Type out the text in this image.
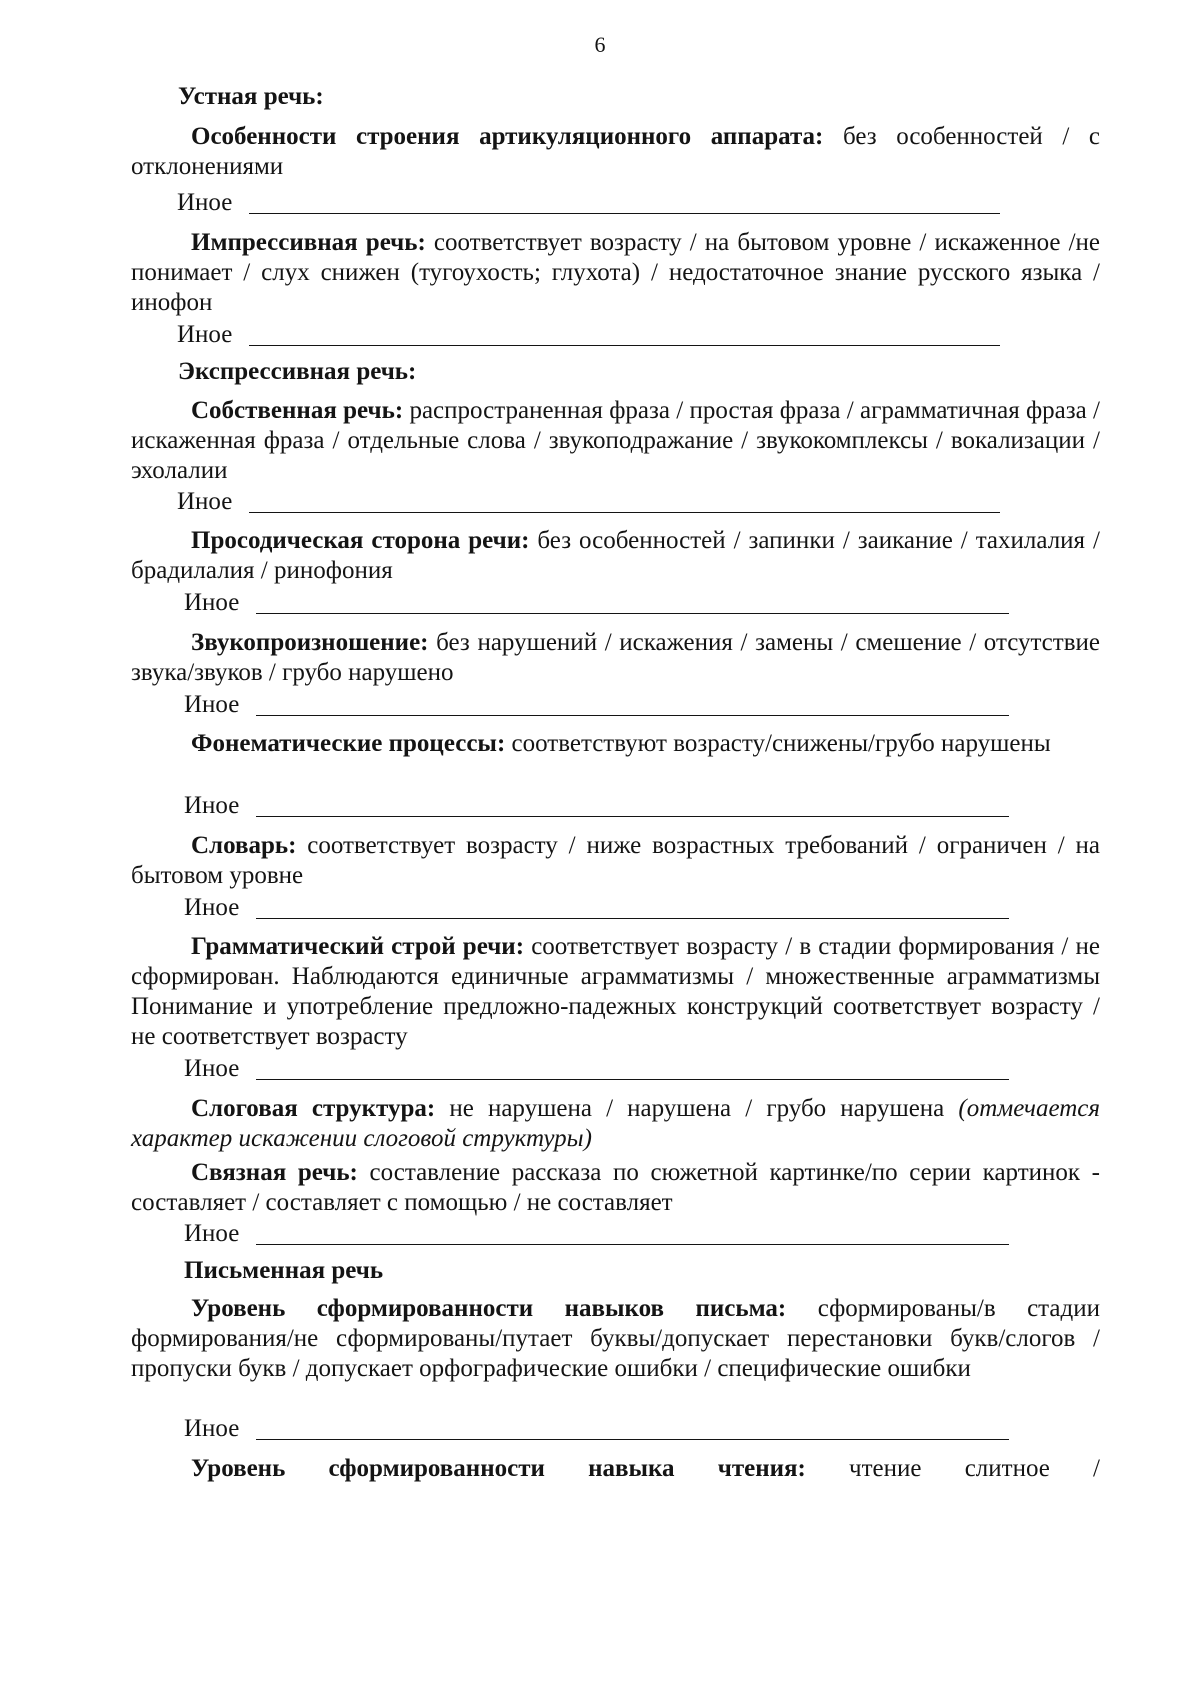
6
Устная речь:

Особенности строения артикуляционного аппарата: без особенностей / с отклонениями

Иное

Импрессивная речь: соответствует возрасту / на бытовом уровне / искаженное /не понимает / слух снижен (тугоухость; глухота) / недостаточное знание русского языка / инофон

Иное
Экспрессивная речь:

Собственная речь: распространенная фраза / простая фраза / аграмматичная фраза / искаженная фраза / отдельные слова / звукоподражание / звукокомплексы / вокализации / эхолалии

Иное

Просодическая сторона речи: без особенностей / запинки / заикание / тахилалия / брадилалия / ринофония

Иное

Звукопроизношение: без нарушений / искажения / замены / смешение / отсутствие звука/звуков / грубо нарушено

Иное

Фонематические процессы: соответствуют возрасту/снижены/грубо нарушены

Иное

Словарь: соответствует возрасту / ниже возрастных требований / ограничен / на бытовом уровне

Иное

Грамматический строй речи: соответствует возрасту / в стадии формирования / не сформирован. Наблюдаются единичные аграмматизмы / множественные аграмматизмы Понимание и употребление предложно-падежных конструкций соответствует возрасту / не соответствует возрасту

Иное

Слоговая структура: не нарушена / нарушена / грубо нарушена (отмечается характер искажении слоговой структуры)

Связная речь: составление рассказа по сюжетной картинке/по серии картинок - составляет / составляет с помощью / не составляет

Иное
Письменная речь

Уровень сформированности навыков письма: сформированы/в стадии формирования/не сформированы/путает буквы/допускает перестановки букв/слогов / пропуски букв / допускает орфографические ошибки / специфические ошибки

Иное

Уровень сформированности навыка чтения: чтение слитное /
